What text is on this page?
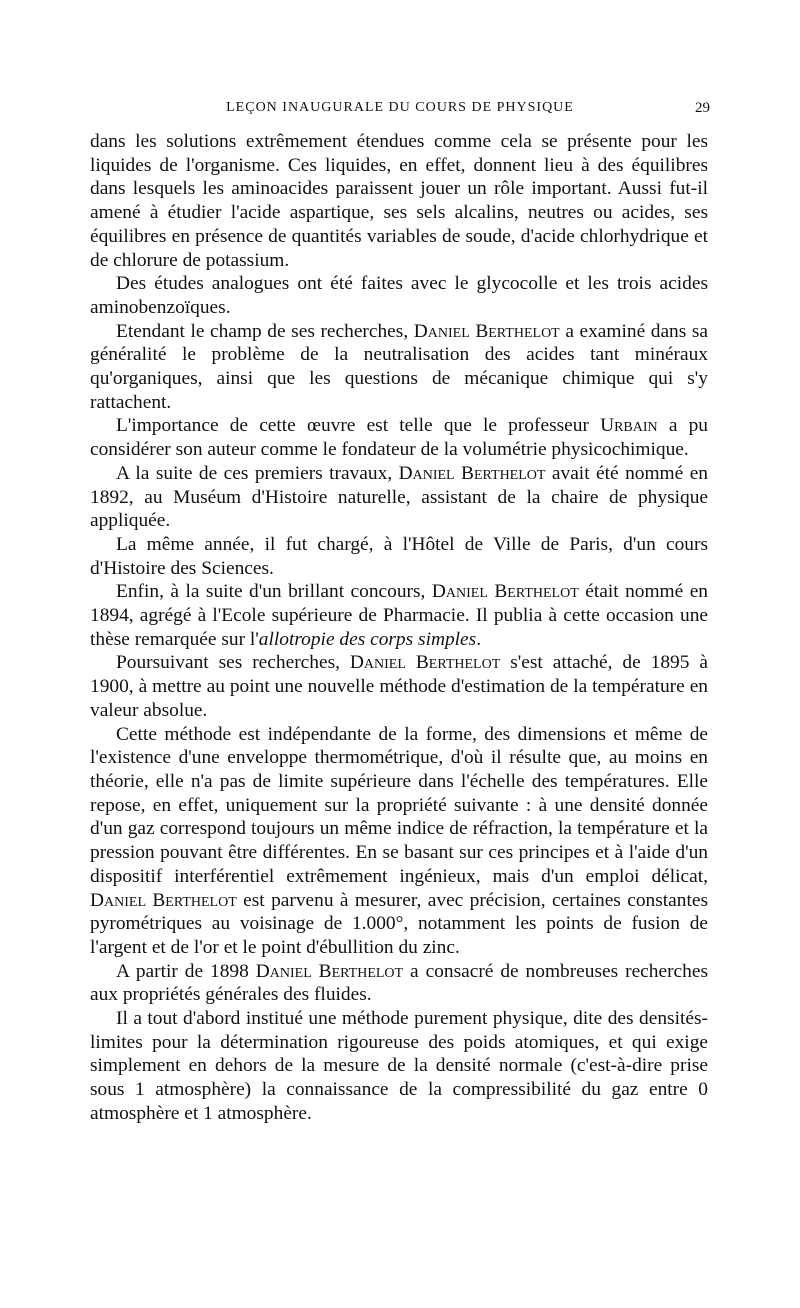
LEÇON INAUGURALE DU COURS DE PHYSIQUE	29

dans les solutions extrêmement étendues comme cela se présente pour les liquides de l'organisme. Ces liquides, en effet, donnent lieu à des équilibres dans lesquels les aminoacides paraissent jouer un rôle important. Aussi fut-il amené à étudier l'acide aspartique, ses sels alcalins, neutres ou acides, ses équilibres en présence de quantités variables de soude, d'acide chlorhydrique et de chlorure de potassium.

Des études analogues ont été faites avec le glycocolle et les trois acides aminobenzoïques.

Etendant le champ de ses recherches, Daniel Berthelot a examiné dans sa généralité le problème de la neutralisation des acides tant minéraux qu'organiques, ainsi que les questions de mécanique chimique qui s'y rattachent.

L'importance de cette œuvre est telle que le professeur Urbain a pu considérer son auteur comme le fondateur de la volumétrie physicochimique.

A la suite de ces premiers travaux, Daniel Berthelot avait été nommé en 1892, au Muséum d'Histoire naturelle, assistant de la chaire de physique appliquée.

La même année, il fut chargé, à l'Hôtel de Ville de Paris, d'un cours d'Histoire des Sciences.

Enfin, à la suite d'un brillant concours, Daniel Berthelot était nommé en 1894, agrégé à l'Ecole supérieure de Pharmacie. Il publia à cette occasion une thèse remarquée sur l'allotropie des corps simples.

Poursuivant ses recherches, Daniel Berthelot s'est attaché, de 1895 à 1900, à mettre au point une nouvelle méthode d'estimation de la température en valeur absolue.

Cette méthode est indépendante de la forme, des dimensions et même de l'existence d'une enveloppe thermométrique, d'où il résulte que, au moins en théorie, elle n'a pas de limite supérieure dans l'échelle des températures. Elle repose, en effet, uniquement sur la propriété suivante : à une densité donnée d'un gaz correspond toujours un même indice de réfraction, la température et la pression pouvant être différentes. En se basant sur ces principes et à l'aide d'un dispositif interférentiel extrêmement ingénieux, mais d'un emploi délicat, Daniel Berthelot est parvenu à mesurer, avec précision, certaines constantes pyrométriques au voisinage de 1.000°, notamment les points de fusion de l'argent et de l'or et le point d'ébullition du zinc.

A partir de 1898 Daniel Berthelot a consacré de nombreuses recherches aux propriétés générales des fluides.

Il a tout d'abord institué une méthode purement physique, dite des densités-limites pour la détermination rigoureuse des poids atomiques, et qui exige simplement en dehors de la mesure de la densité normale (c'est-à-dire prise sous 1 atmosphère) la connaissance de la compressibilité du gaz entre 0 atmosphère et 1 atmosphère.
